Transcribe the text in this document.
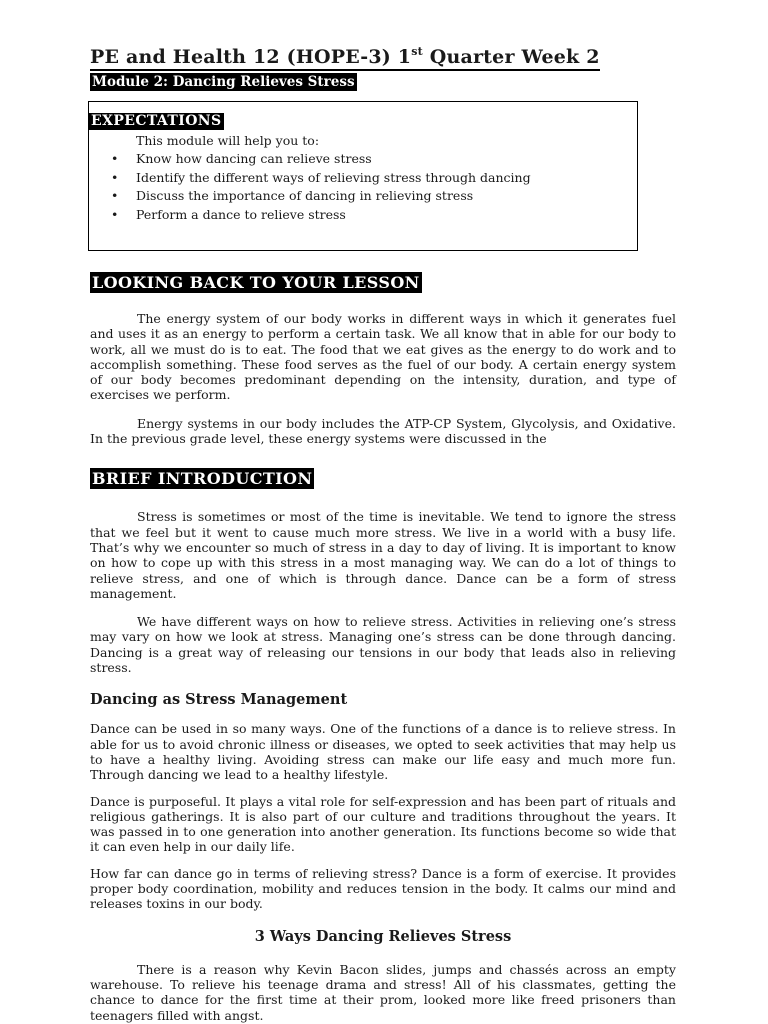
PE and Health 12 (HOPE-3) 1st Quarter Week 2
Module 2: Dancing Relieves Stress
EXPECTATIONS
This module will help you to:
• Know how dancing can relieve stress
• Identify the different ways of relieving stress through dancing
• Discuss the importance of dancing in relieving stress
• Perform a dance to relieve stress
LOOKING BACK TO YOUR LESSON

The energy system of our body works in different ways in which it generates fuel and uses it as an energy to perform a certain task. We all know that in able for our body to work, all we must do is to eat. The food that we eat gives as the energy to do work and to accomplish something. These food serves as the fuel of our body. A certain energy system of our body becomes predominant depending on the intensity, duration, and type of exercises we perform.

Energy systems in our body includes the ATP-CP System, Glycolysis, and Oxidative. In the previous grade level, these energy systems were discussed in the

BRIEF INTRODUCTION

Stress is sometimes or most of the time is inevitable. We tend to ignore the stress that we feel but it went to cause much more stress. We live in a world with a busy life. That’s why we encounter so much of stress in a day to day of living. It is important to know on how to cope up with this stress in a most managing way. We can do a lot of things to relieve stress, and one of which is through dance. Dance can be a form of stress management.

We have different ways on how to relieve stress. Activities in relieving one’s stress may vary on how we look at stress. Managing one’s stress can be done through dancing. Dancing is a great way of releasing our tensions in our body that leads also in relieving stress.

Dancing as Stress Management

Dance can be used in so many ways. One of the functions of a dance is to relieve stress. In able for us to avoid chronic illness or diseases, we opted to seek activities that may help us to have a healthy living. Avoiding stress can make our life easy and much more fun. Through dancing we lead to a healthy lifestyle.

Dance is purposeful. It plays a vital role for self-expression and has been part of rituals and religious gatherings. It is also part of our culture and traditions throughout the years. It was passed in to one generation into another generation. Its functions become so wide that it can even help in our daily life.

How far can dance go in terms of relieving stress? Dance is a form of exercise. It provides proper body coordination, mobility and reduces tension in the body. It calms our mind and releases toxins in our body.

3 Ways Dancing Relieves Stress

There is a reason why Kevin Bacon slides, jumps and chassés across an empty warehouse. To relieve his teenage drama and stress! All of his classmates, getting the chance to dance for the first time at their prom, looked more like freed prisoners than teenagers filled with angst.
